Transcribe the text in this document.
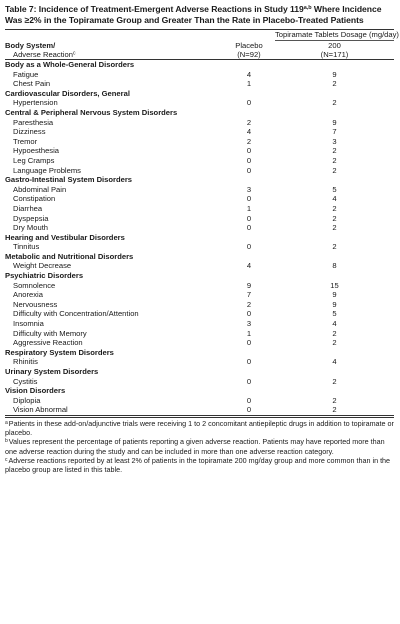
Table 7: Incidence of Treatment-Emergent Adverse Reactions in Study 119$^{a,b}$ Where Incidence Was ≥2% in the Topiramate Group and Greater Than the Rate in Placebo-Treated Patients
		Topiramate Tablets Dosage (mg/day)
Body System/	Placebo	200
Adverse Reaction$^c$	(N=92)	(N=171)
Body as a Whole-General Disorders		
Fatigue	4	9
Chest Pain	1	2
Cardiovascular Disorders, General		
Hypertension	0	2
Central & Peripheral Nervous System Disorders		
Paresthesia	2	9
Dizziness	4	7
Tremor	2	3
Hypoesthesia	0	2
Leg Cramps	0	2
Language Problems	0	2
Gastro-Intestinal System Disorders		
Abdominal Pain	3	5
Constipation	0	4
Diarrhea	1	2
Dyspepsia	0	2
Dry Mouth	0	2
Hearing and Vestibular Disorders		
Tinnitus	0	2
Metabolic and Nutritional Disorders		
Weight Decrease	4	8
Psychiatric Disorders		
Somnolence	9	15
Anorexia	7	9
Nervousness	2	9
Difficulty with Concentration/Attention	0	5
Insomnia	3	4
Difficulty with Memory	1	2
Aggressive Reaction	0	2
Respiratory System Disorders		
Rhinitis	0	4
Urinary System Disorders		
Cystitis	0	2
Vision Disorders		
Diplopia	0	2
Vision Abnormal	0	2

$^a$Patients in these add-on/adjunctive trials were receiving 1 to 2 concomitant antiepileptic drugs in addition to topiramate or placebo.

$^b$Values represent the percentage of patients reporting a given adverse reaction. Patients may have reported more than one adverse reaction during the study and can be included in more than one adverse reaction category.

$^c$Adverse reactions reported by at least 2% of patients in the topiramate 200 mg/day group and more common than in the placebo group are listed in this table.
